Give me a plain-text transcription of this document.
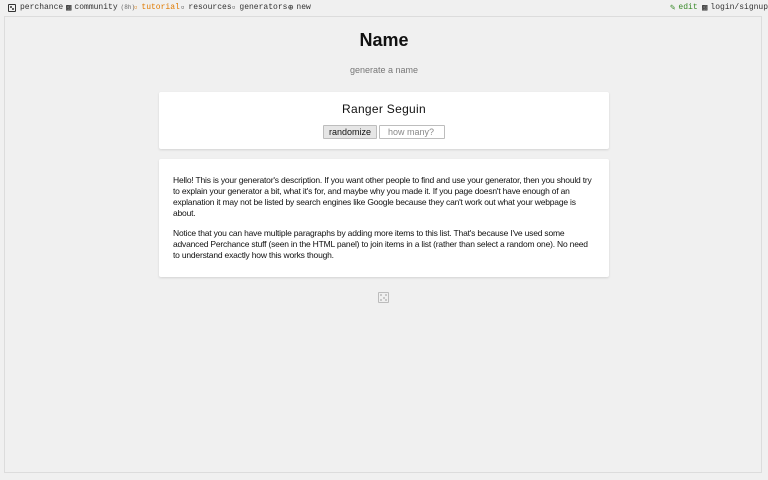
perchance ▩ community (8h)
▫ tutorial ▫ resources ▫ generators ⊕ new	✎ edit ▩ login/signup
Name
generate a name
Ranger Seguin
randomize
how many?

Hello! This is your generator's description. If you want other people to find and use your generator, then you should try to explain your generator a bit, what it's for, and maybe why you made it. If you page doesn't have enough of an explanation it may not be listed by search engines like Google because they can't work out what your webpage is about.

Notice that you can have multiple paragraphs by adding more items to this list. That's because I've used some advanced Perchance stuff (seen in the HTML panel) to join items in a list (rather than select a random one). No need to understand exactly how this works though.
